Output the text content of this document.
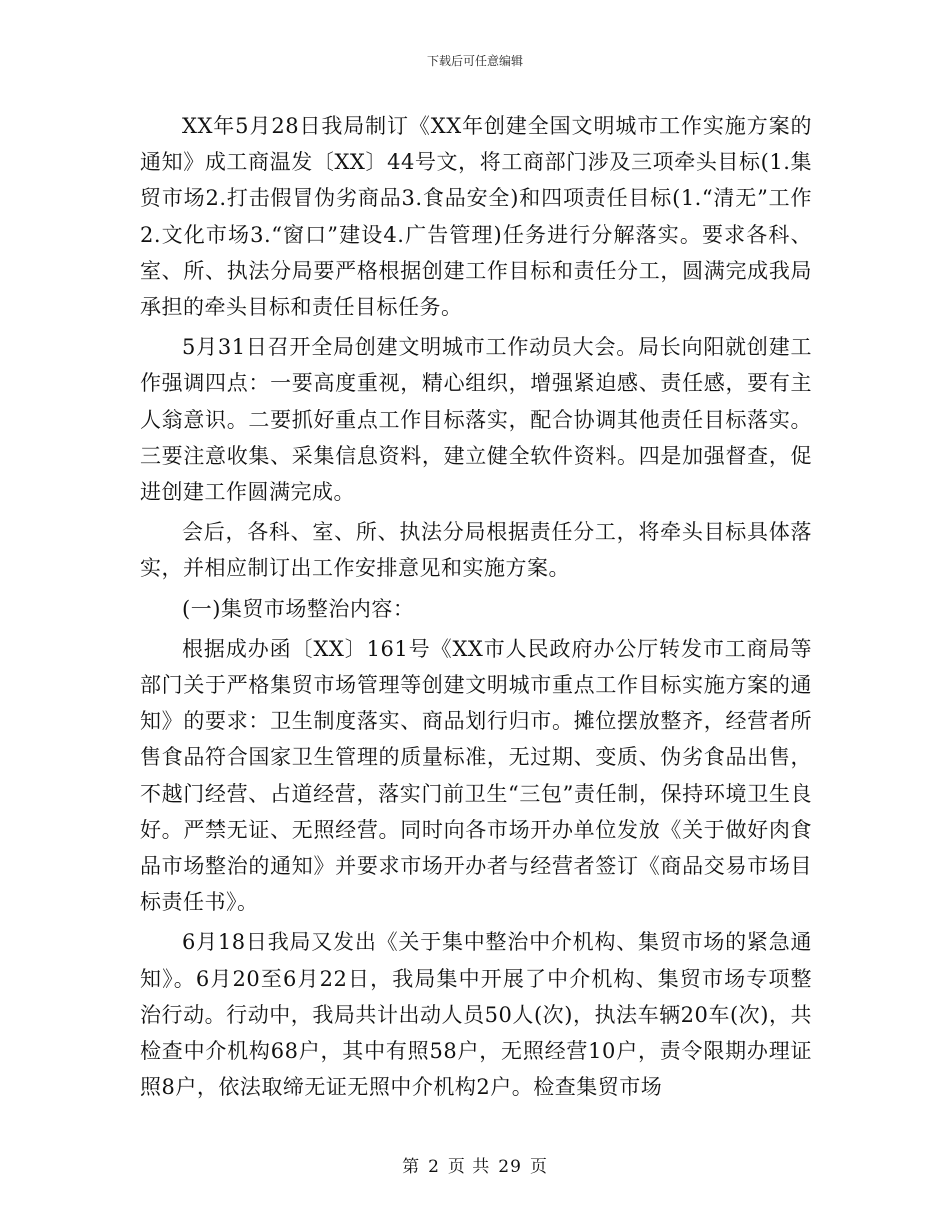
下载后可任意编辑

XX年5月28日我局制订《XX年创建全国文明城市工作实施方案的通知》成工商温发〔XX〕44号文，将工商部门涉及三项牵头目标(1.集贸市场2.打击假冒伪劣商品3.食品安全)和四项责任目标(1.“清无”工作2.文化市场3.“窗口”建设4.广告管理)任务进行分解落实。要求各科、室、所、执法分局要严格根据创建工作目标和责任分工，圆满完成我局承担的牵头目标和责任目标任务。

5月31日召开全局创建文明城市工作动员大会。局长向阳就创建工作强调四点：一要高度重视，精心组织，增强紧迫感、责任感，要有主人翁意识。二要抓好重点工作目标落实，配合协调其他责任目标落实。三要注意收集、采集信息资料，建立健全软件资料。四是加强督查，促进创建工作圆满完成。

会后，各科、室、所、执法分局根据责任分工，将牵头目标具体落实，并相应制订出工作安排意见和实施方案。

(一)集贸市场整治内容：

根据成办函〔XX〕161号《XX市人民政府办公厅转发市工商局等部门关于严格集贸市场管理等创建文明城市重点工作目标实施方案的通知》的要求：卫生制度落实、商品划行归市。摊位摆放整齐，经营者所售食品符合国家卫生管理的质量标准，无过期、变质、伪劣食品出售，不越门经营、占道经营，落实门前卫生“三包”责任制，保持环境卫生良好。严禁无证、无照经营。同时向各市场开办单位发放《关于做好肉食品市场整治的通知》并要求市场开办者与经营者签订《商品交易市场目标责任书》。

6月18日我局又发出《关于集中整治中介机构、集贸市场的紧急通知》。6月20至6月22日，我局集中开展了中介机构、集贸市场专项整治行动。行动中，我局共计出动人员50人(次)，执法车辆20车(次)，共检查中介机构68户，其中有照58户，无照经营10户，责令限期办理证照8户，依法取缔无证无照中介机构2户。检查集贸市场

第 2 页 共 29 页
